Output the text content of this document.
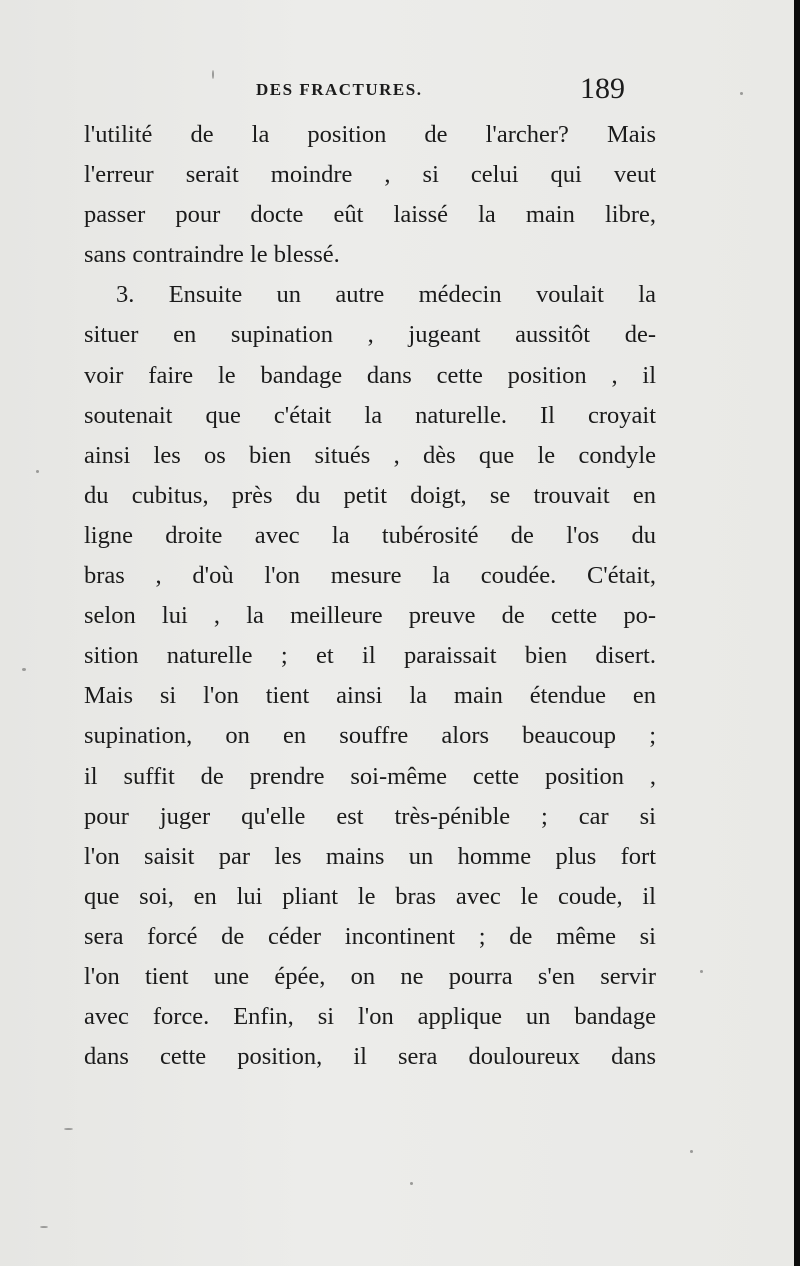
DES FRACTURES.	189
l'utilité de la position de l'archer? Mais
l'erreur serait moindre , si celui qui veut
passer pour docte eût laissé la main libre,
sans contraindre le blessé.
3. Ensuite un autre médecin voulait la
situer en supination , jugeant aussitôt de-
voir faire le bandage dans cette position , il
soutenait que c'était la naturelle. Il croyait
ainsi les os bien situés , dès que le condyle
du cubitus, près du petit doigt, se trouvait en
ligne droite avec la tubérosité de l'os du
bras , d'où l'on mesure la coudée. C'était,
selon lui , la meilleure preuve de cette po-
sition naturelle ; et il paraissait bien disert.
Mais si l'on tient ainsi la main étendue en
supination, on en souffre alors beaucoup ;
il suffit de prendre soi-même cette position ,
pour juger qu'elle est très-pénible ; car si
l'on saisit par les mains un homme plus fort
que soi, en lui pliant le bras avec le coude, il
sera forcé de céder incontinent ; de même si
l'on tient une épée, on ne pourra s'en servir
avec force. Enfin, si l'on applique un bandage
dans cette position, il sera douloureux dans
